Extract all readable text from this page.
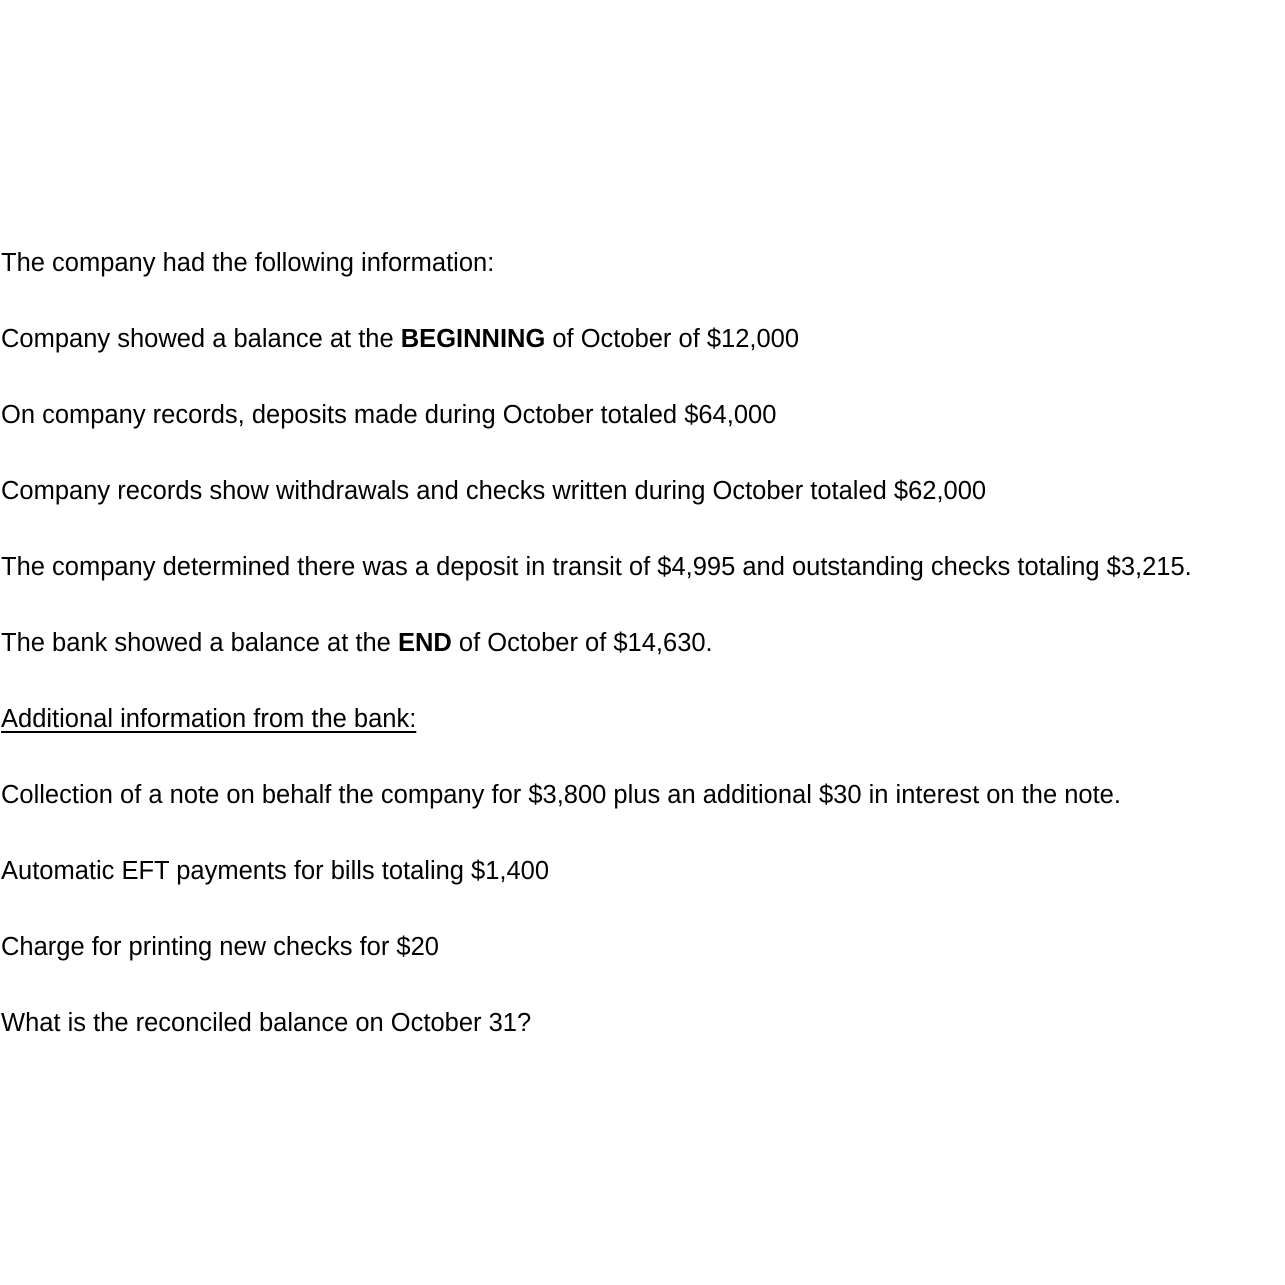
The company had the following information:

Company showed a balance at the BEGINNING of October of $12,000

On company records, deposits made during October totaled $64,000

Company records show withdrawals and checks written during October totaled $62,000

The company determined there was a deposit in transit of $4,995 and outstanding checks totaling $3,215.

The bank showed a balance at the END of October of $14,630.

Additional information from the bank:

Collection of a note on behalf the company for $3,800 plus an additional $30 in interest on the note.

Automatic EFT payments for bills totaling $1,400

Charge for printing new checks for $20

What is the reconciled balance on October 31?
